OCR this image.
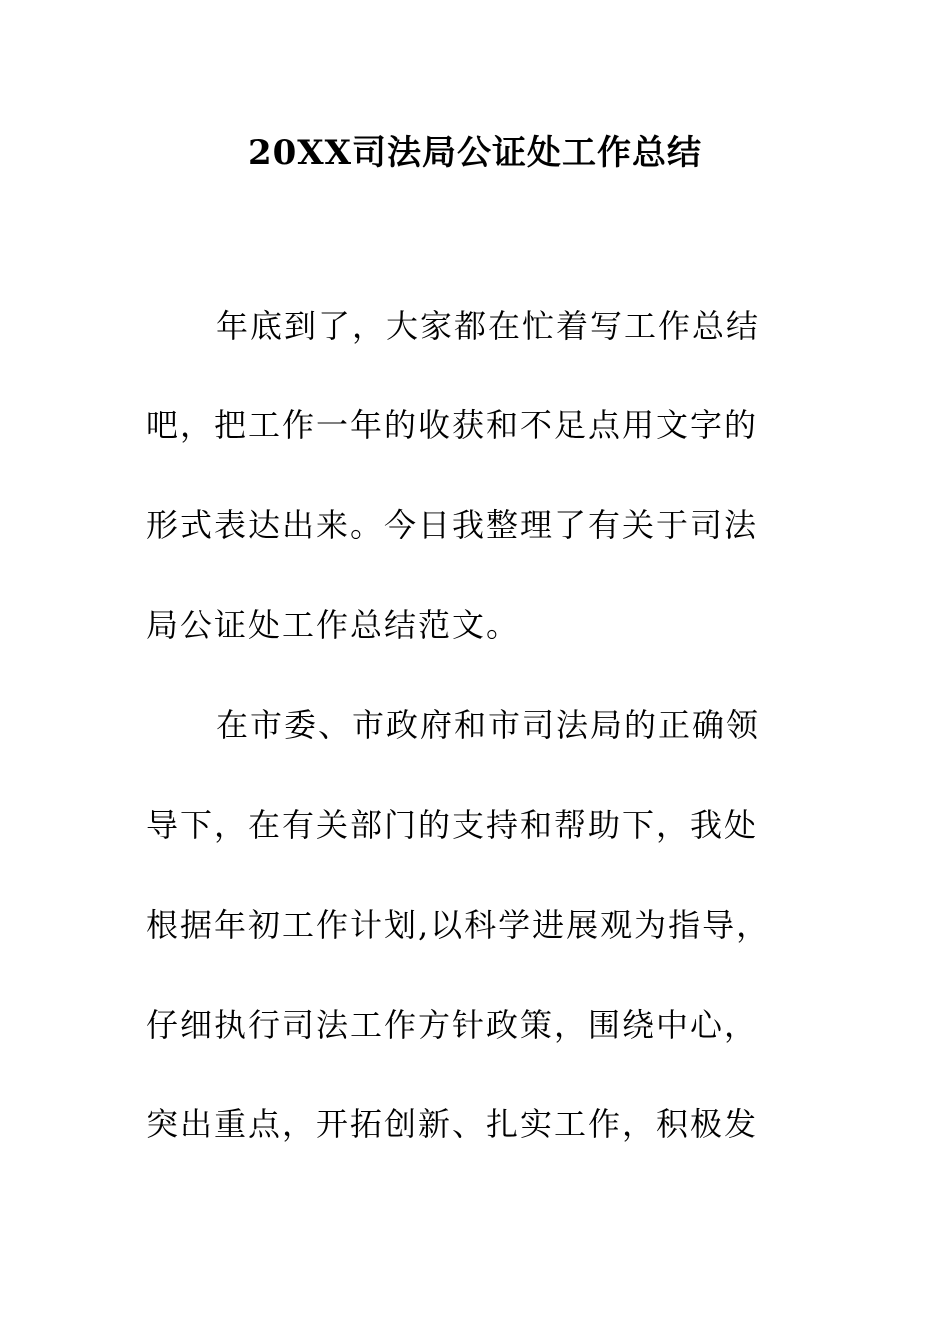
20XX司法局公证处工作总结
年底到了，大家都在忙着写工作总结
吧，把工作一年的收获和不足点用文字的
形式表达出来。今日我整理了有关于司法
局公证处工作总结范文。
在市委、市政府和市司法局的正确领
导下，在有关部门的支持和帮助下，我处
根据年初工作计划,以科学进展观为指导，
仔细执行司法工作方针政策，围绕中心，
突出重点，开拓创新、扎实工作，积极发
